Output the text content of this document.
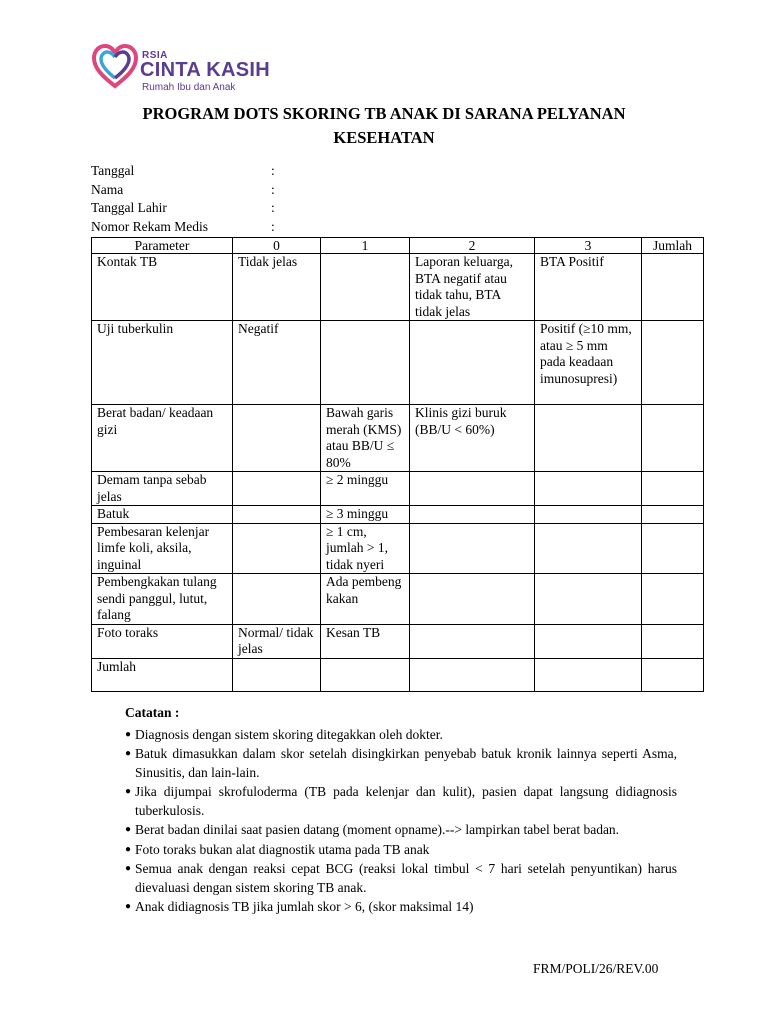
RSIA
CINTA KASIH
Rumah Ibu dan Anak
PROGRAM DOTS SKORING TB ANAK DI SARANA PELYANAN
KESEHATAN
Tanggal	:
Nama	:
Tanggal Lahir	:
Nomor Rekam Medis	:
Parameter	0	1	2	3	Jumlah
Kontak TB	Tidak jelas		Laporan keluarga, BTA negatif atau tidak tahu, BTA tidak jelas	BTA Positif	
Uji tuberkulin	Negatif			Positif (≥10 mm, atau ≥ 5 mm pada keadaan imunosupresi)	
Berat badan/ keadaan gizi		Bawah garis merah (KMS) atau BB/U ≤ 80%	Klinis gizi buruk (BB/U < 60%)		
Demam tanpa sebab jelas		≥ 2 minggu			
Batuk		≥ 3 minggu			
Pembesaran kelenjar limfe koli, aksila, inguinal		≥ 1 cm, jumlah > 1, tidak nyeri			
Pembengkakan tulang sendi panggul, lutut, falang		Ada pembengkakan			
Foto toraks	Normal/ tidak jelas	Kesan TB			
Jumlah					
Catatan :
● Diagnosis dengan sistem skoring ditegakkan oleh dokter.
● Batuk dimasukkan dalam skor setelah disingkirkan penyebab batuk kronik lainnya seperti Asma, Sinusitis, dan lain-lain.
● Jika dijumpai skrofuloderma (TB pada kelenjar dan kulit), pasien dapat langsung didiagnosis tuberkulosis.
● Berat badan dinilai saat pasien datang (moment opname).--> lampirkan tabel berat badan.
● Foto toraks bukan alat diagnostik utama pada TB anak
● Semua anak dengan reaksi cepat BCG (reaksi lokal timbul < 7 hari setelah penyuntikan) harus dievaluasi dengan sistem skoring TB anak.
● Anak didiagnosis TB jika jumlah skor > 6, (skor maksimal 14)
FRM/POLI/26/REV.00
